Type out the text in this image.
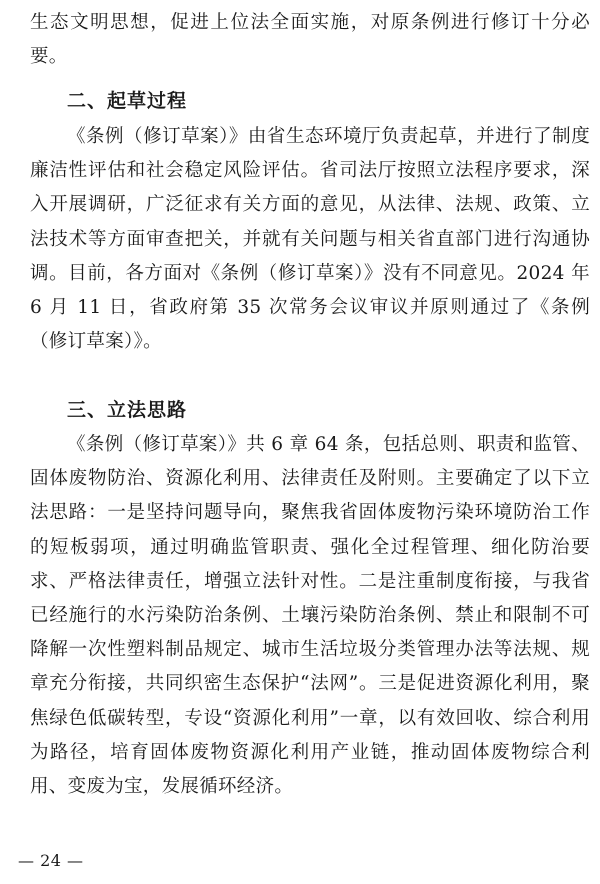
生态文明思想，促进上位法全面实施，对原条例进行修订十分必要。

二、起草过程

《条例（修订草案）》由省生态环境厅负责起草，并进行了制度廉洁性评估和社会稳定风险评估。省司法厅按照立法程序要求，深入开展调研，广泛征求有关方面的意见，从法律、法规、政策、立法技术等方面审查把关，并就有关问题与相关省直部门进行沟通协调。目前，各方面对《条例（修订草案）》没有不同意见。2024 年 6 月 11 日，省政府第 35 次常务会议审议并原则通过了《条例（修订草案）》。

三、立法思路

《条例（修订草案）》共 6 章 64 条，包括总则、职责和监管、固体废物防治、资源化利用、法律责任及附则。主要确定了以下立法思路：一是坚持问题导向，聚焦我省固体废物污染环境防治工作的短板弱项，通过明确监管职责、强化全过程管理、细化防治要求、严格法律责任，增强立法针对性。二是注重制度衔接，与我省已经施行的水污染防治条例、土壤污染防治条例、禁止和限制不可降解一次性塑料制品规定、城市生活垃圾分类管理办法等法规、规章充分衔接，共同织密生态保护“法网”。三是促进资源化利用，聚焦绿色低碳转型，专设“资源化利用”一章，以有效回收、综合利用为路径，培育固体废物资源化利用产业链，推动固体废物综合利用、变废为宝，发展循环经济。

— 24 —
